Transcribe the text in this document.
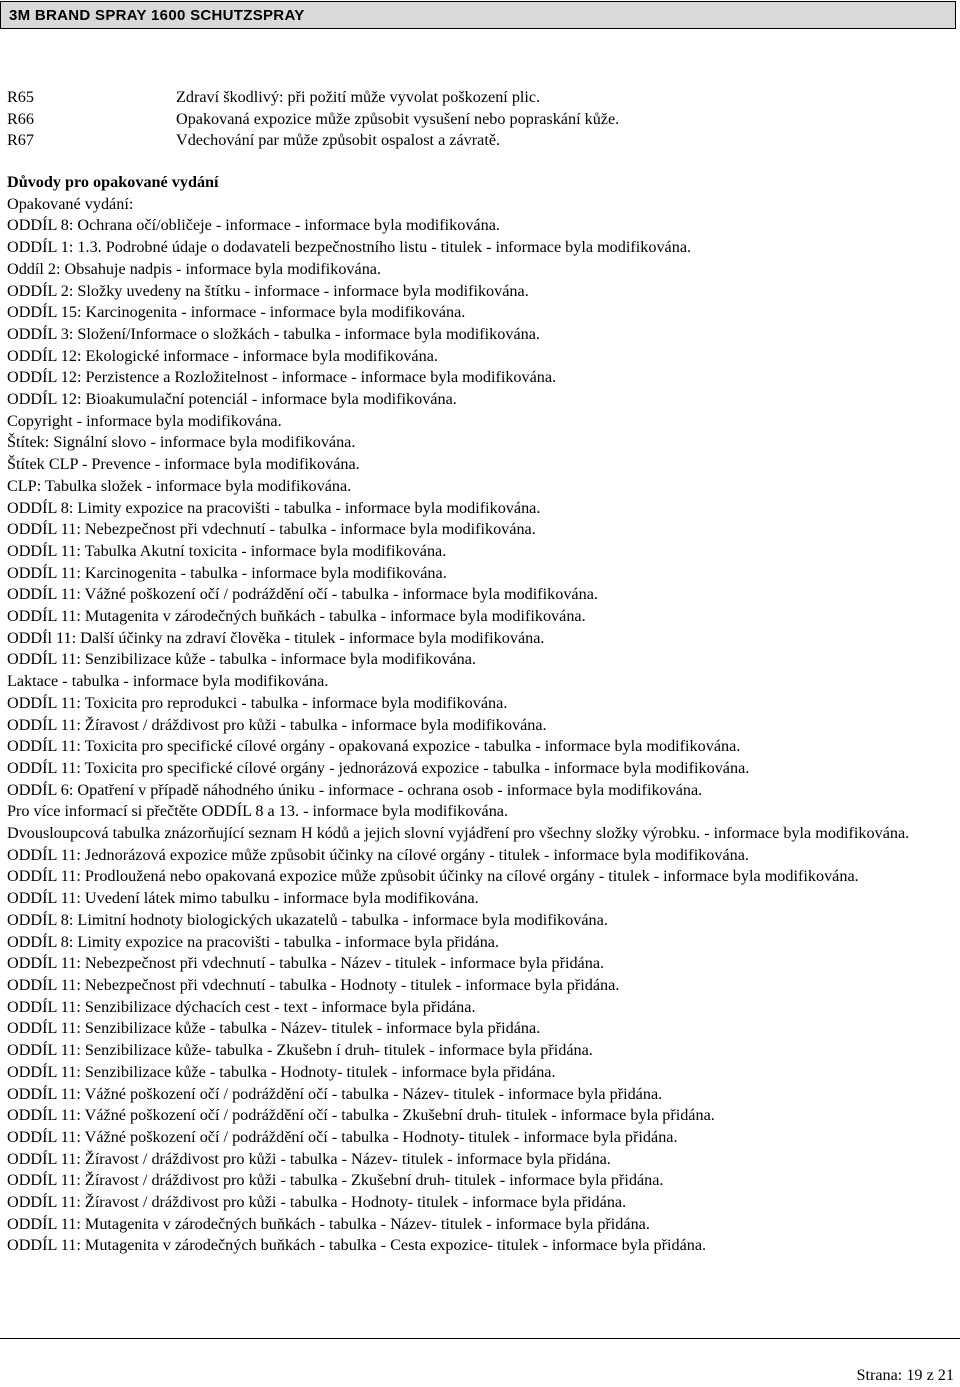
3M BRAND SPRAY 1600 SCHUTZSPRAY
R65	Zdraví škodlivý: při požití může vyvolat poškození plic.
R66	Opakovaná expozice může způsobit vysušení nebo popraskání kůže.
R67	Vdechování par může způsobit ospalost a závratě.
Důvody pro opakované vydání
Opakované vydání:
ODDÍL 8: Ochrana očí/obličeje - informace - informace byla modifikována.
ODDÍL 1: 1.3. Podrobné údaje o dodavateli bezpečnostního listu - titulek - informace byla modifikována.
Oddíl 2: Obsahuje nadpis - informace byla modifikována.
ODDÍL 2: Složky uvedeny na štítku - informace - informace byla modifikována.
ODDÍL 15: Karcinogenita - informace - informace byla modifikována.
ODDÍL 3: Složení/Informace o složkách - tabulka - informace byla modifikována.
ODDÍL 12: Ekologické informace - informace byla modifikována.
ODDÍL 12: Perzistence a Rozložitelnost - informace - informace byla modifikována.
ODDÍL 12: Bioakumulační potenciál - informace byla modifikována.
Copyright - informace byla modifikována.
Štítek: Signální slovo - informace byla modifikována.
Štítek CLP - Prevence - informace byla modifikována.
CLP: Tabulka složek - informace byla modifikována.
ODDÍL 8: Limity expozice na pracovišti - tabulka - informace byla modifikována.
ODDÍL 11: Nebezpečnost při vdechnutí - tabulka - informace byla modifikována.
ODDÍL 11: Tabulka Akutní toxicita - informace byla modifikována.
ODDÍL 11: Karcinogenita - tabulka - informace byla modifikována.
ODDÍL 11: Vážné poškození očí / podráždění očí - tabulka - informace byla modifikována.
ODDÍL 11: Mutagenita v zárodečných buňkách - tabulka - informace byla modifikována.
ODDÍl 11: Další účinky na zdraví člověka - titulek - informace byla modifikována.
ODDÍL 11: Senzibilizace kůže - tabulka - informace byla modifikována.
Laktace - tabulka - informace byla modifikována.
ODDÍL 11: Toxicita pro reprodukci - tabulka - informace byla modifikována.
ODDÍL 11: Žíravost / dráždivost pro kůži - tabulka - informace byla modifikována.
ODDÍL 11: Toxicita pro specifické cílové orgány - opakovaná expozice - tabulka - informace byla modifikována.
ODDÍL 11: Toxicita pro specifické cílové orgány - jednorázová expozice - tabulka - informace byla modifikována.
ODDÍL 6: Opatření v případě náhodného úniku - informace - ochrana osob - informace byla modifikována.
Pro více informací si přečtěte ODDÍL 8 a 13. - informace byla modifikována.
Dvousloupcová tabulka znázorňující seznam H kódů a jejich slovní vyjádření pro všechny složky výrobku. - informace byla modifikována.
ODDÍL 11: Jednorázová expozice může způsobit účinky na cílové orgány - titulek - informace byla modifikována.
ODDÍL 11: Prodloužená nebo opakovaná expozice může způsobit účinky na cílové orgány - titulek - informace byla modifikována.
ODDÍL 11: Uvedení látek mimo tabulku - informace byla modifikována.
ODDÍL 8: Limitní hodnoty biologických ukazatelů - tabulka - informace byla modifikována.
ODDÍL 8: Limity expozice na pracovišti - tabulka - informace byla přidána.
ODDÍL 11: Nebezpečnost při vdechnutí - tabulka - Název - titulek - informace byla přidána.
ODDÍL 11: Nebezpečnost při vdechnutí - tabulka - Hodnoty - titulek - informace byla přidána.
ODDÍL 11: Senzibilizace dýchacích cest - text - informace byla přidána.
ODDÍL 11: Senzibilizace kůže - tabulka - Název- titulek - informace byla přidána.
ODDÍL 11: Senzibilizace kůže- tabulka - Zkušebn í druh- titulek - informace byla přidána.
ODDÍL 11: Senzibilizace kůže - tabulka - Hodnoty- titulek - informace byla přidána.
ODDÍL 11: Vážné poškození očí / podráždění očí - tabulka - Název- titulek - informace byla přidána.
ODDÍL 11: Vážné poškození očí / podráždění očí - tabulka - Zkušební druh- titulek - informace byla přidána.
ODDÍL 11: Vážné poškození očí / podráždění očí - tabulka - Hodnoty- titulek - informace byla přidána.
ODDÍL 11: Žíravost / dráždivost pro kůži - tabulka - Název- titulek - informace byla přidána.
ODDÍL 11: Žíravost / dráždivost pro kůži - tabulka - Zkušební druh- titulek - informace byla přidána.
ODDÍL 11: Žíravost / dráždivost pro kůži - tabulka - Hodnoty- titulek - informace byla přidána.
ODDÍL 11: Mutagenita v zárodečných buňkách - tabulka - Název- titulek - informace byla přidána.
ODDÍL 11: Mutagenita v zárodečných buňkách - tabulka - Cesta expozice- titulek - informace byla přidána.
Strana: 19 z 21
